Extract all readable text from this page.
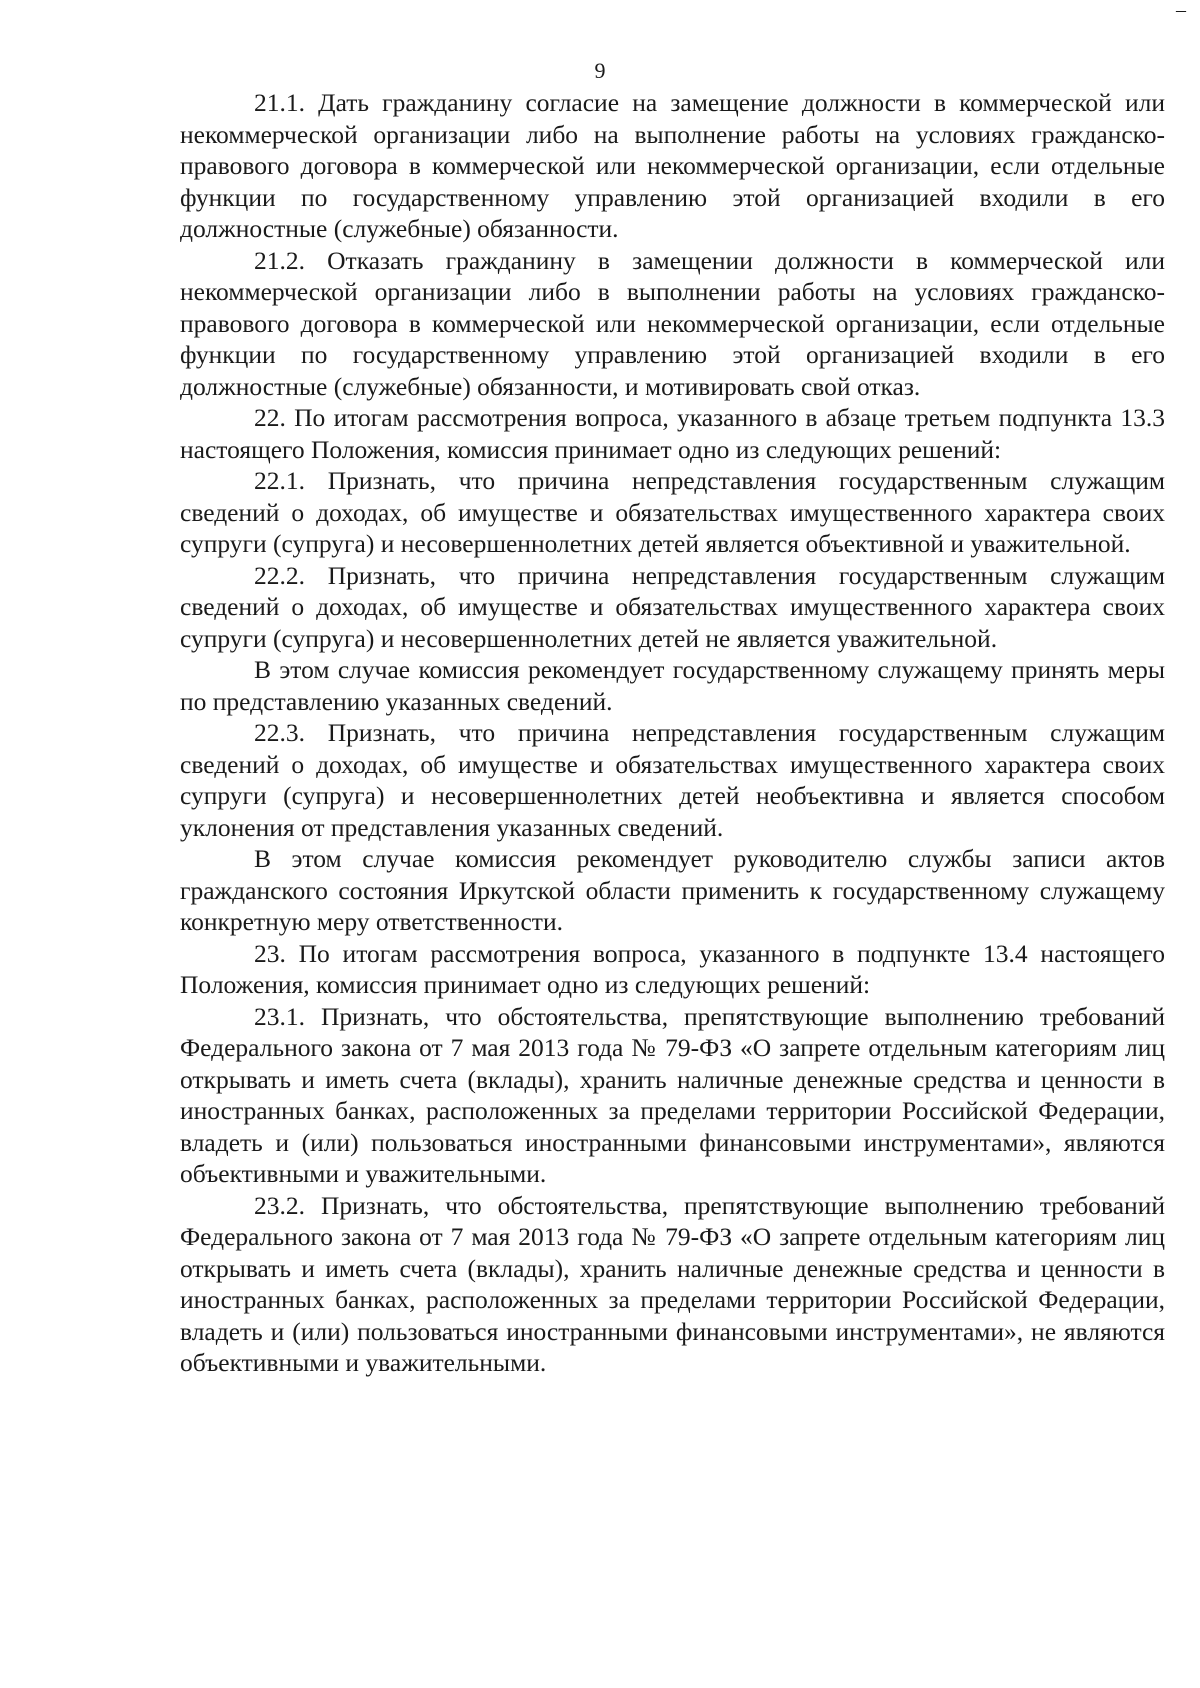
–
9

21.1. Дать гражданину согласие на замещение должности в коммерческой или некоммерческой организации либо на выполнение работы на условиях гражданско-правового договора в коммерческой или некоммерческой организации, если отдельные функции по государственному управлению этой организацией входили в его должностные (служебные) обязанности.

21.2. Отказать гражданину в замещении должности в коммерческой или некоммерческой организации либо в выполнении работы на условиях гражданско-правового договора в коммерческой или некоммерческой организации, если отдельные функции по государственному управлению этой организацией входили в его должностные (служебные) обязанности, и мотивировать свой отказ.

22. По итогам рассмотрения вопроса, указанного в абзаце третьем подпункта 13.3 настоящего Положения, комиссия принимает одно из следующих решений:

22.1. Признать, что причина непредставления государственным служащим сведений о доходах, об имуществе и обязательствах имущественного характера своих супруги (супруга) и несовершеннолетних детей является объективной и уважительной.

22.2. Признать, что причина непредставления государственным служащим сведений о доходах, об имуществе и обязательствах имущественного характера своих супруги (супруга) и несовершеннолетних детей не является уважительной.

В этом случае комиссия рекомендует государственному служащему принять меры по представлению указанных сведений.

22.3. Признать, что причина непредставления государственным служащим сведений о доходах, об имуществе и обязательствах имущественного характера своих супруги (супруга) и несовершеннолетних детей необъективна и является способом уклонения от представления указанных сведений.

В этом случае комиссия рекомендует руководителю службы записи актов гражданского состояния Иркутской области применить к государственному служащему конкретную меру ответственности.

23. По итогам рассмотрения вопроса, указанного в подпункте 13.4 настоящего Положения, комиссия принимает одно из следующих решений:

23.1. Признать, что обстоятельства, препятствующие выполнению требований Федерального закона от 7 мая 2013 года № 79-ФЗ «О запрете отдельным категориям лиц открывать и иметь счета (вклады), хранить наличные денежные средства и ценности в иностранных банках, расположенных за пределами территории Российской Федерации, владеть и (или) пользоваться иностранными финансовыми инструментами», являются объективными и уважительными.

23.2. Признать, что обстоятельства, препятствующие выполнению требований Федерального закона от 7 мая 2013 года № 79-ФЗ «О запрете отдельным категориям лиц открывать и иметь счета (вклады), хранить наличные денежные средства и ценности в иностранных банках, расположенных за пределами территории Российской Федерации, владеть и (или) пользоваться иностранными финансовыми инструментами», не являются объективными и уважительными.
